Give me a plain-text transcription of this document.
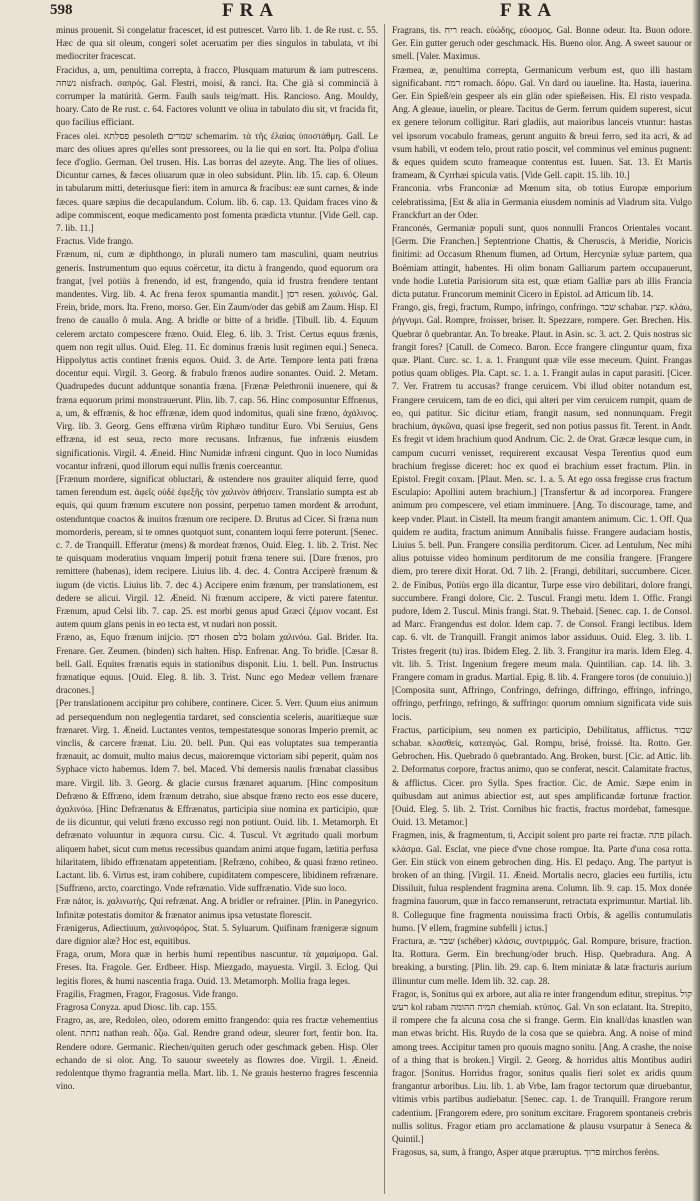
598	FRA	FRA

minus prouenit. Si congelatur fracescet, id est putrescet. Varro lib. 1. de Re rust. c. 55. Hæc de qua sit oleum, congeri solet aceruatim per dies singulos in tabulata, vt ibi mediocriter fracescat.

Fracidus, a, um, penultima correpta, à fracco, Plusquam maturum & iam putrescens. נשחה nisfrach. σαπρός. Gal. Flestri, moisi, & ranci. Ita. Che già si comminciä à corrumper la matúrità. Germ. Faulh sauls teig/matt. His. Rancioso. Ang. Mouldy, hoary. Cato de Re rust. c. 64. Factores voluntt ve oliua in tabulato diu sit, vt fracida fit, quo facilius efficiant.

Fraces olei. פסלתא pesoleth שמרים schemarim. τὰ τῆς ἐλαίας ὑποστάθμη. Gall. Le marc des oliues apres qu'elles sont pressorees, ou la lie qui en sort. Ita. Polpa d'oliua fece d'oglio. German. Oel trusen. His. Las borras del azeyte. Ang. The lies of oliues. Dicuntur carnes, & fæces oliuarum quæ in oleo subsidunt. Plin. lib. 15. cap. 6. Oleum in tabularum mitti, deteriusque fieri: item in amurca & fracibus: eæ sunt carnes, & inde fæces. quare sæpius die decapulandum. Colum. lib. 6. cap. 13. Quidam fraces vino & adipe commiscent, eoque medicamento post fomenta prædicta vtuntur. [Vide Gell. cap. 7. lib. 11.]

Fractus. Vide frango.

Frænum, ni, cum æ diphthongo, in plurali numero tam masculini, quam neutrius generis. Instrumentum quo equus coërcetur, ita dictu à frangendo, quod equorum ora frangat, [vel potiùs à frenendo, id est, frangendo, quia id frustra frendere tentant mandentes. Virg. lib. 4. Ac frena ferox spumantia mandit.] רסן resen. χαλινός. Gal. Frein, bride, mors. Ita. Freno, morso. Ger. Ein Zaum/oder das gebiß am Zaum. Hisp. El freno de cauallo ô mula. Ang. A bridle or bitte of a bridle. [Tibull. lib. 4. Equum celerem arctato compescere fræno. Ouid. Eleg. 6. lib. 3. Trist. Certus equus frænis, quem non regit ullus. Ouid. Eleg. 11. Ec dominus frænis lusit regimen equi.] Seneca. Hippolytus actis continet frænis equos. Ouid. 3. de Arte. Tempore lenta pati fræna docentur equi. Virgil. 3. Georg. & frabulo frænos audire sonantes. Ouid. 2. Metam. Quadrupedes ducunt adduntque sonantia fræna. [Frænæ Pelethronii inuenere, qui & fræna equorum primi monstrauerunt. Plin. lib. 7. cap. 56. Hinc composuntur Effrænus, a, um, & effrænis, & hoc effrænæ, idem quod indomitus, quali sine fræno, ἀχάλινος. Virg. lib. 3. Georg. Gens effræna virûm Riphæo tunditur Euro. Vbi Seruius, Gens effræna, id est seua, recto more recusans. Infrænus, fue infrænis eiusdem significationis. Virgil. 4. Æneid. Hinc Numidæ infræni cingunt. Quo in loco Numidas vocantur infræni, quod illorum equi nullis frænis coerceantur.

[Frænum mordere, significat obluctari, & ostendere nos grauiter aliquid ferre, quod tamen ferendum est. ἀφεῖς οὐδὲ ἐφεξῆς τὸν χαλινὸν ἀθήσειν. Translatio sumpta est ab equis, qui quum frænum excutere non possint, perpetuo tamen mordent & arrodunt, ostenduntque coactos & inuitos frænum ore recipere. D. Brutus ad Cicer. Si fræna num momorderis, peream, si te omnes quotquot sunt, conantem loqui ferre poterunt. [Senec. c. 7. de Tranquill. Efferatur (mens) & mordeat frænos, Ouid. Eleg. 1. lib. 2. Trist. Nec te quisquam moderatius vnquam Imperij potuit fræna tenere sui. [Dare frænos, pro remittere (habenas), idem recipere. Liuius lib. 4. dec. 4. Contra Acciperè frænum & iugum (de victis. Liuius lib. 7. dec 4.) Accipere enim frænum, per translationem, est dedere se alicui. Virgil. 12. Æneid. Ni frænum accipere, & victi parere fatentur. Frænum, apud Celsi lib. 7. cap. 25. est morbi genus apud Græci ζέμιον vocant. Est autem quum glans penis in eo tecta est, vt nudari non possit.

Fræno, as, Equo frænum inijcio. רסן rhosen בלם bolam χαλινόω. Gal. Brider. Ita. Frenare. Ger. Zeumen. (binden) sich halten. Hisp. Enfrenar. Ang. To bridle. [Cæsar 8. bell. Gall. Equites frænatis equis in stationibus disponit. Liu. 1. bell. Pun. Instructus frænatique equus. [Ouid. Eleg. 8. lib. 3. Trist. Nunc ego Medeæ vellem frænare dracones.]

[Per translationem accipitur pro cohibere, continere. Cicer. 5. Verr. Quum eius animum ad persequendum non neglegentia tardaret, sed conscientia sceleris, auaritiæque suæ frænaret. Virg. 1. Æneid. Luctantes ventos, tempestatesque sonoras Imperio premit, ac vinclis, & carcere frænat. Liu. 20. bell. Pun. Qui eas voluptates sua temperantia frænauit, ac domuit, multo maius decus, maioremque victoriam sibi peperit, quàm nos Syphace victo habemus. Idem 7. bel. Maced. Vbi demersis naulis frænabat classibus mare. Virgil. lib. 3. Georg. & glacie cursus frænaret aquarum. [Hinc compositum Defræno & Effræno, idem frænum detraho, siue absque fræno recto eos esse ducere, ἀχαλινόω. [Hinc Defrænatus & Effrænatus, participia siue nomina ex participio, quæ de iis dicuntur, qui veluti fræno excusso regi non potiunt. Ouid. lib. 1. Metamorph. Et defrænato voluuntur in æquora cursu. Cic. 4. Tuscul. Vt ægritudo quali morbum aliquem habet, sicut cum metus recessibus quandam animi atque fugam, lætitia perfusa hilaritatem, libido effrænatam appetentiam. [Refræno, cohibeo, & quasi fræno retineo. Lactant. lib. 6. Virtus est, iram cohibere, cupiditatem compescere, libidinem refrænare. [Suffræno, arcto, coarctingo. Vnde refrænatio. Vide suffrænatio. Vide suo loco.

Fræ nátor, is. χαλινωτὴς. Qui refrænat. Ang. A bridler or refrainer. [Plin. in Panegyrico. Infinitæ potestatis domitor & frænator animus ipsa vetustate florescit.

Frænigerus, Adiectiuum, χαλινοφόρος. Stat. 5. Syluarum. Quifinam frænigeræ signum dare dignior alæ? Hoc est, equitibus.

Fraga, orum, Mora quæ in herbis humi repentibus nascuntur. τὰ χαμαίμορα. Gal. Freses. Ita. Fragole. Ger. Erdbeer. Hisp. Miezgado, mayuesta. Virgil. 3. Eclog. Qui legitis flores, & humi nascentia fraga. Ouid. 13. Metamorph. Mollia fraga leges.

Fragilis, Fragmen, Fragor, Fragosus. Vide frango.

Fragrosa Conyza. apud Diosc. lib. cap. 155.

Fragro, as, are, Redoleo, oleo, odorem emitto frangendo: quia res fractæ vehementius olent. נחתה nathan reah. ὄζω. Gal. Rendre grand odeur, sleurer fort, fentir bon. Ita. Rendere odore. Germanic. Riechen/quiten geruch oder geschmack geben. Hisp. Oler echando de si olor. Ang. To sauour sweetely as flowres doe. Virgil. 1. Æneid. redolentque thymo fragrantia mella. Mart. lib. 1. Ne grauis hesterno fragres fescennia vino.

Fragrans, tis. ריח reach. εὐώδης, εὐοσμος. Gal. Bonne odeur. Ita. Buon odore. Ger. Ein gutter geruch oder geschmack. His. Bueno olor. Ang. A sweet sauour or smell. [Valer. Maximus.

Fræmea, æ, penultima correpta, Germanicum verbum est, quo illi hastam significabant. רמח romach. δόρυ. Gal. Vn dard ou iaueline. Ita. Hasta, iauerina. Ger. Ein Spieß/ein gespeer als ein glän oder spießeisen. His. El risto vespada. Ang. A gleaue, iauelin, or pleare. Tacitus de Germ. ferrum quidem superest, sicut ex genere telorum colligitur. Rari gladiis, aut maioribus lanceis vtuntur: hastas vel ipsorum vocabulo frameas, gerunt anguito & breui ferro, sed ita acri, & ad vsum habili, vt eodem telo, prout ratio poscit, vel comminus vel eminus pugnent: & eques quidem scuto frameaque contentus est. Iuuen. Sat. 13. Et Martis frameam, & Cyrrhæi spicula vatis. [Vide Gell. capit. 15. lib. 10.]

Franconia. vrbs Franconiæ ad Mœnum sita, ob totius Europæ emporium celebratissima, [Est & alia in Germania eiusdem nominis ad Viadrum sita. Vulgo Franckfurt an der Oder.

Franconés, Germaniæ populi sunt, quos nonnulli Francos Orientales vocant. [Germ. Die Franchen.] Septentrione Chattis, & Cheruscis, à Meridie, Noricis finitimi: ad Occasum Rhenum flumen, ad Ortum, Hercyniæ syluæ partem, qua Boëmiam attingit, habentes. Hi olim bonam Galliarum partem occupauerunt, vnde hodie Lutetia Parisiorum sita est, quæ etiam Galliæ pars ab illis Francia dicta putatur. Francorum meminit Cicero in Epistol. ad Atticum lib. 14.

Frango, gis, fregi, fractum, Rumpo, infringo, confringo. שבר schabar. קצץ. κλάω, ῥήγνυμι. Gal. Rompre, froisser, briser. It. Spezzare, rompere. Ger. Brechen. His. Quebrar ô quebrantar. An. To breake. Plaut. in Asin. sc. 3. act. 2. Quis nostras sic frangit fores? [Catull. de Comeco. Baron. Ecce frangere clinguntur quam, fixa quæ. Plant. Curc. sc. 1. a. 1. Frangunt quæ vile esse meceum. Quint. Frangas potius quam obliges. Pla. Capt. sc. 1. a. 1. Frangit aulas in caput parasiti. [Cicer. 7. Ver. Fratrem tu accusas? frange ceruicem. Vbi illud obiter notandum est, Frangere ceruicem, tam de eo dici, qui alteri per vim ceruicem rumpit, quam de eo, qui patitur. Sic dicitur etiam, frangit nasum, sed nonnunquam. Fregit brachium, ἀγκῶνα, quasi ipse fregerit, sed non potius passus fit. Terent. in Andr. Es fregit vt idem brachium quod Andrum. Cic. 2. de Orat. Græcæ lesque cum, in campum cucurri venisset, requirerent excausat Vespa Terentius quod eum brachium fregisse diceret: hoc ex quod ei brachium esset fractum. Plin. in Epistol. Fregit coxam. [Plaut. Men. sc. 1. a. 5. At ego ossa fregisse crus fractum Esculapio: Apollini autem brachium.] [Transfertur & ad incorporea. Frangere animum pro compescere, vel etiam imminuere. [Ang. To discourage, tame, and keep vnder. Plaut. in Cistell. Ita meum frangit amantem animum. Cic. 1. Off. Qua quidem re audita, fractum animum Annibalis fuisse. Frangere audaciam hostis, Liuius 5. bell. Pun. Frangere consilia perditorum. Cicer. ad Lentulum, Nec mihi alius potuisse video hominum perditorum de me consilia frangere. [Frangere diem, pro terere dixit Horat. Od. 7 lib. 2. [Frangi, debilitari, succumbere. Cicer. 2. de Finibus, Potiùs ergo illa dicantur, Turpe esse viro debilitari, dolore frangi, succumbere. Frangi dolore, Cic. 2. Tuscul. Frangi metu. Idem 1. Offic. Frangi pudore, Idem 2. Tuscul. Minis frangi. Stat. 9. Thebaid. [Senec. cap. 1. de Consol. ad Marc. Frangendus est dolor. Idem cap. 7. de Consol. Frangi lectibus. Idem cap. 6. vlt. de Tranquill. Frangit animos labor assiduus. Ouid. Eleg. 3. lib. 1. Tristes fregerit (tu) iras. Ibidem Eleg. 2. lib. 3. Frangitur ira maris. Idem Eleg. 4. vlt. lib. 5. Trist. Ingenium fregere meum mala. Quintilian. cap. 14. lib. 3. Frangere comam in gradus. Martial. Epig. 8. lib. 4. Frangere toros (de conuiuio.)]

[Composita sunt, Affringo, Confringo, defringo, diffringo, effringo, infringo, offringo, perfringo, refringo, & suffringo: quorum omnium significata vide suis locis.

Fractus, participium, seu nomen ex participio, Debilitatus, afflictus. שבור schabar. κλασθείς, κατεαγώς. Gal. Rompu, brisé, froissé. Ita. Rotto. Ger. Gebrochen. His. Quebrado ô quebrantado. Ang. Broken, burst. [Cic. ad Attic. lib. 2. Deformatus corpore, fractus animo, quo se conferat, nescit. Calamitate fractus, & afflictus. Cicer. pro Sylla. Spes fractior. Cic. de Amic. Sæpe enim in quibusdam aut animus abiectior est, aut spes amplificandæ fortunæ fractior. [Ouid. Eleg. 5. lib. 2. Trist. Cornibus hic fractis, fractus mordebat, famesque. Ouid. 13. Metamor.]

Fragmen, inis, & fragmentum, ti, Accipit solent pro parte rei fractæ. פתה pilach. κλάσμα. Gal. Esclat, vne piece d'vne chose rompue. Ita. Parte d'una cosa rotta. Ger. Ein stück von einem gebrochen ding. His. El pedaço. Ang. The partyut is broken of an thing. [Virgil. 11. Æneid. Mortalis necro, glacies eeu furtilis, ictu Dissiluit, fulua resplendent fragmina arena. Column. lib. 9. cap. 15. Mox donée fragmina fauorum, quæ in facco remanserunt, retractata exprimuntur. Martial. lib. 8. Colleguque fine fragmenta nouissima fracti Orbis, & agellis contumulatis humo. [V ellem, fragmine subfelli j ictus.]

Fractura, æ. שבר (schéber) κλάσις, συντριμμός. Gal. Rompure, brisure, fraction. Ita. Rottura. Germ. Ein brechung/oder bruch. Hisp. Quebradura. Ang. A breaking, a bursting. [Plin. lib. 29. cap. 6. Item miniatæ & latæ fracturis aurium illinuntur cum melle. Idem lib. 32. cap. 28.

Fragor, is, Sonitus qui ex arbore, aut alia re inter frangendum editur, strepitus. קול רעש kol rabam המיה ההומה chemiah. κτύπος. Gal. Vn son eclatant. Ita. Strepito, il rompere che fa alcuna cosa che si frange. Germ. Ein knall/das knastlen wan man etwas bricht. His. Ruydo de la cosa que se quiebra. Ang. A noise of mind among trees. Accipitur tamen pro quouis magno sonitu. [Ang. A crashe, the noise of a thing that is broken.] Virgil. 2. Georg. & horridus altis Montibus audiri fragor. [Sonitus. Horridus fragor, sonitus qualis fieri solet ex aridis quum frangantur arboribus. Liu. lib. 1. ab Vrbe, Iam fragor tectorum quæ diruebantur, vltimis vrbis partibus audiebatur. [Senec. cap. 1. de Tranquill. Frangore rerum cadentium. [Frangorem edere, pro sonitum excitare. Fragorem spontaneis crebris nullis solitus. Fragor etiam pro acclamatione & plausu vsurpatur à Seneca & Quintil.]

Fragosus, sa, sum, à frango, Asper atque præruptus. פרוך mirchos ferèns.
